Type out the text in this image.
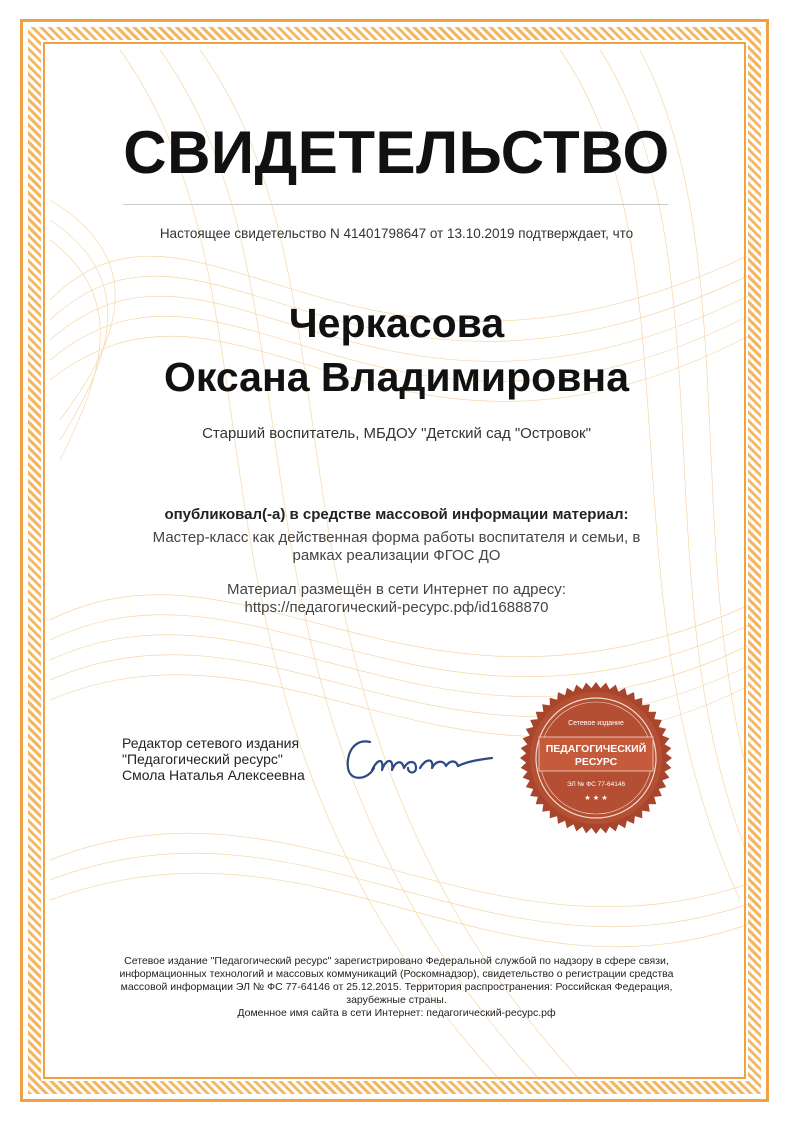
СВИДЕТЕЛЬСТВО
Настоящее свидетельство N 41401798647 от 13.10.2019 подтверждает, что
Черкасова
Оксана Владимировна
Старший воспитатель, МБДОУ "Детский сад "Островок"
опубликовал(-а) в средстве массовой информации материал:
Мастер-класс как действенная форма работы воспитателя и семьи, в рамках реализации ФГОС ДО
Материал размещён в сети Интернет по адресу:
https://педагогический-ресурс.рф/id1688870
Редактор сетевого издания
"Педагогический ресурс"
Смола Наталья Алексеевна
Сетевое издание
ПЕДАГОГИЧЕСКИЙ
РЕСУРС
ЭЛ № ФС 77-64146
★ ★ ★
Сетевое издание "Педагогический ресурс" зарегистрировано Федеральной службой по надзору в сфере связи, информационных технологий и массовых коммуникаций (Роскомнадзор), свидетельство о регистрации средства массовой информации ЭЛ № ФС 77-64146 от 25.12.2015. Территория распространения: Российская Федерация, зарубежные страны.
Доменное имя сайта в сети Интернет: педагогический-ресурс.рф
